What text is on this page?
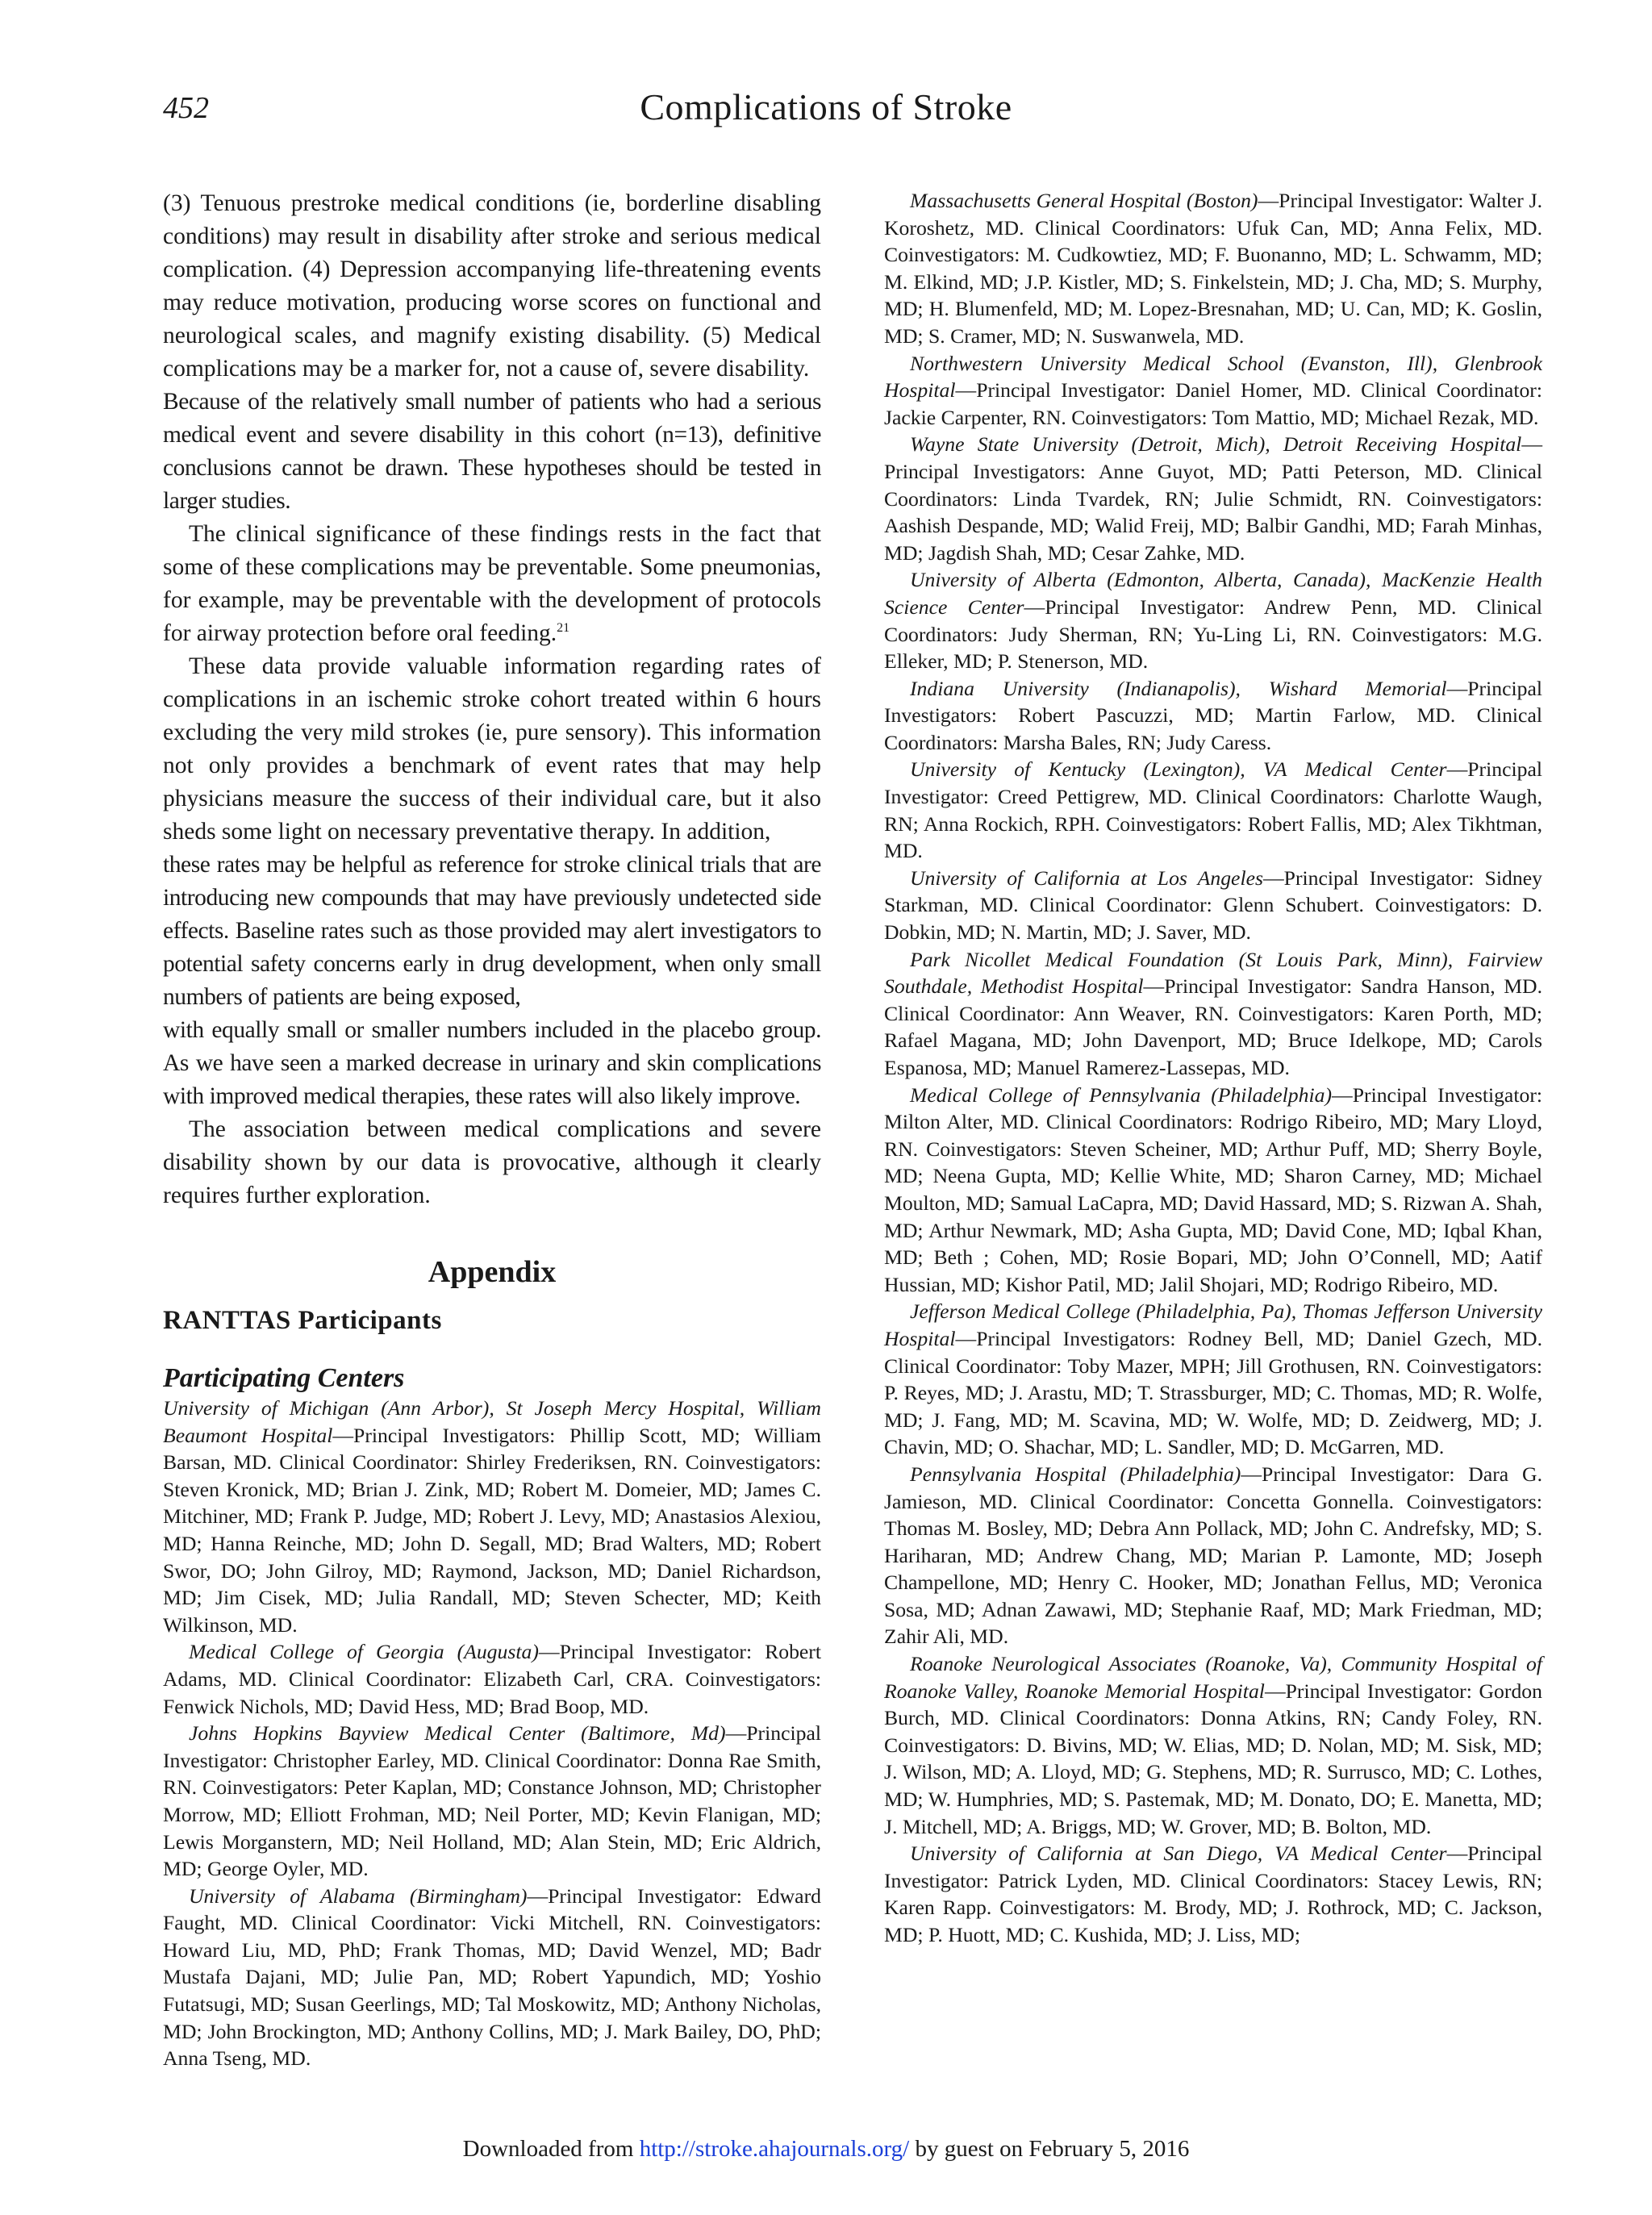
452	Complications of Stroke

(3) Tenuous prestroke medical conditions (ie, borderline disabling conditions) may result in disability after stroke and serious medical complication. (4) Depression accompanying life-threatening events may reduce motivation, producing worse scores on functional and neurological scales, and magnify existing disability. (5) Medical complications may be a marker for, not a cause of, severe disability.

Because of the relatively small number of patients who had a serious medical event and severe disability in this cohort (n=13), definitive conclusions cannot be drawn. These hypotheses should be tested in larger studies.

The clinical significance of these findings rests in the fact that some of these complications may be preventable. Some pneumonias, for example, may be preventable with the development of protocols for airway protection before oral feeding.$^{21}$

These data provide valuable information regarding rates of complications in an ischemic stroke cohort treated within 6 hours excluding the very mild strokes (ie, pure sensory). This information not only provides a benchmark of event rates that may help physicians measure the success of their individual care, but it also sheds some light on necessary preventative therapy. In addition,

these rates may be helpful as reference for stroke clinical trials that are introducing new compounds that may have previously undetected side effects. Baseline rates such as those provided may alert investigators to potential safety concerns early in drug development, when only small numbers of patients are being exposed,

with equally small or smaller numbers included in the placebo group. As we have seen a marked decrease in urinary and skin complications with improved medical therapies, these rates will also likely improve.

The association between medical complications and severe disability shown by our data is provocative, although it clearly requires further exploration.

Appendix
RANTTAS Participants
Participating Centers

University of Michigan (Ann Arbor), St Joseph Mercy Hospital, William Beaumont Hospital—Principal Investigators: Phillip Scott, MD; William Barsan, MD. Clinical Coordinator: Shirley Frederiksen, RN. Coinvestigators: Steven Kronick, MD; Brian J. Zink, MD; Robert M. Domeier, MD; James C. Mitchiner, MD; Frank P. Judge, MD; Robert J. Levy, MD; Anastasios Alexiou, MD; Hanna Reinche, MD; John D. Segall, MD; Brad Walters, MD; Robert Swor, DO; John Gilroy, MD; Raymond, Jackson, MD; Daniel Richardson, MD; Jim Cisek, MD; Julia Randall, MD; Steven Schecter, MD; Keith Wilkinson, MD.

Medical College of Georgia (Augusta)—Principal Investigator: Robert Adams, MD. Clinical Coordinator: Elizabeth Carl, CRA. Coinvestigators: Fenwick Nichols, MD; David Hess, MD; Brad Boop, MD.

Johns Hopkins Bayview Medical Center (Baltimore, Md)—Principal Investigator: Christopher Earley, MD. Clinical Coordinator: Donna Rae Smith, RN. Coinvestigators: Peter Kaplan, MD; Constance Johnson, MD; Christopher Morrow, MD; Elliott Frohman, MD; Neil Porter, MD; Kevin Flanigan, MD; Lewis Morganstern, MD; Neil Holland, MD; Alan Stein, MD; Eric Aldrich, MD; George Oyler, MD.

University of Alabama (Birmingham)—Principal Investigator: Edward Faught, MD. Clinical Coordinator: Vicki Mitchell, RN. Coinvestigators: Howard Liu, MD, PhD; Frank Thomas, MD; David Wenzel, MD; Badr Mustafa Dajani, MD; Julie Pan, MD; Robert Yapundich, MD; Yoshio Futatsugi, MD; Susan Geerlings, MD; Tal Moskowitz, MD; Anthony Nicholas, MD; John Brockington, MD; Anthony Collins, MD; J. Mark Bailey, DO, PhD; Anna Tseng, MD.

Massachusetts General Hospital (Boston)—Principal Investigator: Walter J. Koroshetz, MD. Clinical Coordinators: Ufuk Can, MD; Anna Felix, MD. Coinvestigators: M. Cudkowtiez, MD; F. Buonanno, MD; L. Schwamm, MD; M. Elkind, MD; J.P. Kistler, MD; S. Finkelstein, MD; J. Cha, MD; S. Murphy, MD; H. Blumenfeld, MD; M. Lopez-Bresnahan, MD; U. Can, MD; K. Goslin, MD; S. Cramer, MD; N. Suswanwela, MD.

Northwestern University Medical School (Evanston, Ill), Glenbrook Hospital—Principal Investigator: Daniel Homer, MD. Clinical Coordinator: Jackie Carpenter, RN. Coinvestigators: Tom Mattio, MD; Michael Rezak, MD.

Wayne State University (Detroit, Mich), Detroit Receiving Hospital—Principal Investigators: Anne Guyot, MD; Patti Peterson, MD. Clinical Coordinators: Linda Tvardek, RN; Julie Schmidt, RN. Coinvestigators: Aashish Despande, MD; Walid Freij, MD; Balbir Gandhi, MD; Farah Minhas, MD; Jagdish Shah, MD; Cesar Zahke, MD.

University of Alberta (Edmonton, Alberta, Canada), MacKenzie Health Science Center—Principal Investigator: Andrew Penn, MD. Clinical Coordinators: Judy Sherman, RN; Yu-Ling Li, RN. Coinvestigators: M.G. Elleker, MD; P. Stenerson, MD.

Indiana University (Indianapolis), Wishard Memorial—Principal Investigators: Robert Pascuzzi, MD; Martin Farlow, MD. Clinical Coordinators: Marsha Bales, RN; Judy Caress.

University of Kentucky (Lexington), VA Medical Center—Principal Investigator: Creed Pettigrew, MD. Clinical Coordinators: Charlotte Waugh, RN; Anna Rockich, RPH. Coinvestigators: Robert Fallis, MD; Alex Tikhtman, MD.

University of California at Los Angeles—Principal Investigator: Sidney Starkman, MD. Clinical Coordinator: Glenn Schubert. Coinvestigators: D. Dobkin, MD; N. Martin, MD; J. Saver, MD.

Park Nicollet Medical Foundation (St Louis Park, Minn), Fairview Southdale, Methodist Hospital—Principal Investigator: Sandra Hanson, MD. Clinical Coordinator: Ann Weaver, RN. Coinvestigators: Karen Porth, MD; Rafael Magana, MD; John Davenport, MD; Bruce Idelkope, MD; Carols Espanosa, MD; Manuel Ramerez-Lassepas, MD.

Medical College of Pennsylvania (Philadelphia)—Principal Investigator: Milton Alter, MD. Clinical Coordinators: Rodrigo Ribeiro, MD; Mary Lloyd, RN. Coinvestigators: Steven Scheiner, MD; Arthur Puff, MD; Sherry Boyle, MD; Neena Gupta, MD; Kellie White, MD; Sharon Carney, MD; Michael Moulton, MD; Samual LaCapra, MD; David Hassard, MD; S. Rizwan A. Shah, MD; Arthur Newmark, MD; Asha Gupta, MD; David Cone, MD; Iqbal Khan, MD; Beth ; Cohen, MD; Rosie Bopari, MD; John O’Connell, MD; Aatif Hussian, MD; Kishor Patil, MD; Jalil Shojari, MD; Rodrigo Ribeiro, MD.

Jefferson Medical College (Philadelphia, Pa), Thomas Jefferson University Hospital—Principal Investigators: Rodney Bell, MD; Daniel Gzech, MD. Clinical Coordinator: Toby Mazer, MPH; Jill Grothusen, RN. Coinvestigators: P. Reyes, MD; J. Arastu, MD; T. Strassburger, MD; C. Thomas, MD; R. Wolfe, MD; J. Fang, MD; M. Scavina, MD; W. Wolfe, MD; D. Zeidwerg, MD; J. Chavin, MD; O. Shachar, MD; L. Sandler, MD; D. McGarren, MD.

Pennsylvania Hospital (Philadelphia)—Principal Investigator: Dara G. Jamieson, MD. Clinical Coordinator: Concetta Gonnella. Coinvestigators: Thomas M. Bosley, MD; Debra Ann Pollack, MD; John C. Andrefsky, MD; S. Hariharan, MD; Andrew Chang, MD; Marian P. Lamonte, MD; Joseph Champellone, MD; Henry C. Hooker, MD; Jonathan Fellus, MD; Veronica Sosa, MD; Adnan Zawawi, MD; Stephanie Raaf, MD; Mark Friedman, MD; Zahir Ali, MD.

Roanoke Neurological Associates (Roanoke, Va), Community Hospital of Roanoke Valley, Roanoke Memorial Hospital—Principal Investigator: Gordon Burch, MD. Clinical Coordinators: Donna Atkins, RN; Candy Foley, RN. Coinvestigators: D. Bivins, MD; W. Elias, MD; D. Nolan, MD; M. Sisk, MD; J. Wilson, MD; A. Lloyd, MD; G. Stephens, MD; R. Surrusco, MD; C. Lothes, MD; W. Humphries, MD; S. Pastemak, MD; M. Donato, DO; E. Manetta, MD; J. Mitchell, MD; A. Briggs, MD; W. Grover, MD; B. Bolton, MD.

University of California at San Diego, VA Medical Center—Principal Investigator: Patrick Lyden, MD. Clinical Coordinators: Stacey Lewis, RN; Karen Rapp. Coinvestigators: M. Brody, MD; J. Rothrock, MD; C. Jackson, MD; P. Huott, MD; C. Kushida, MD; J. Liss, MD;

Downloaded from http://stroke.ahajournals.org/ by guest on February 5, 2016
